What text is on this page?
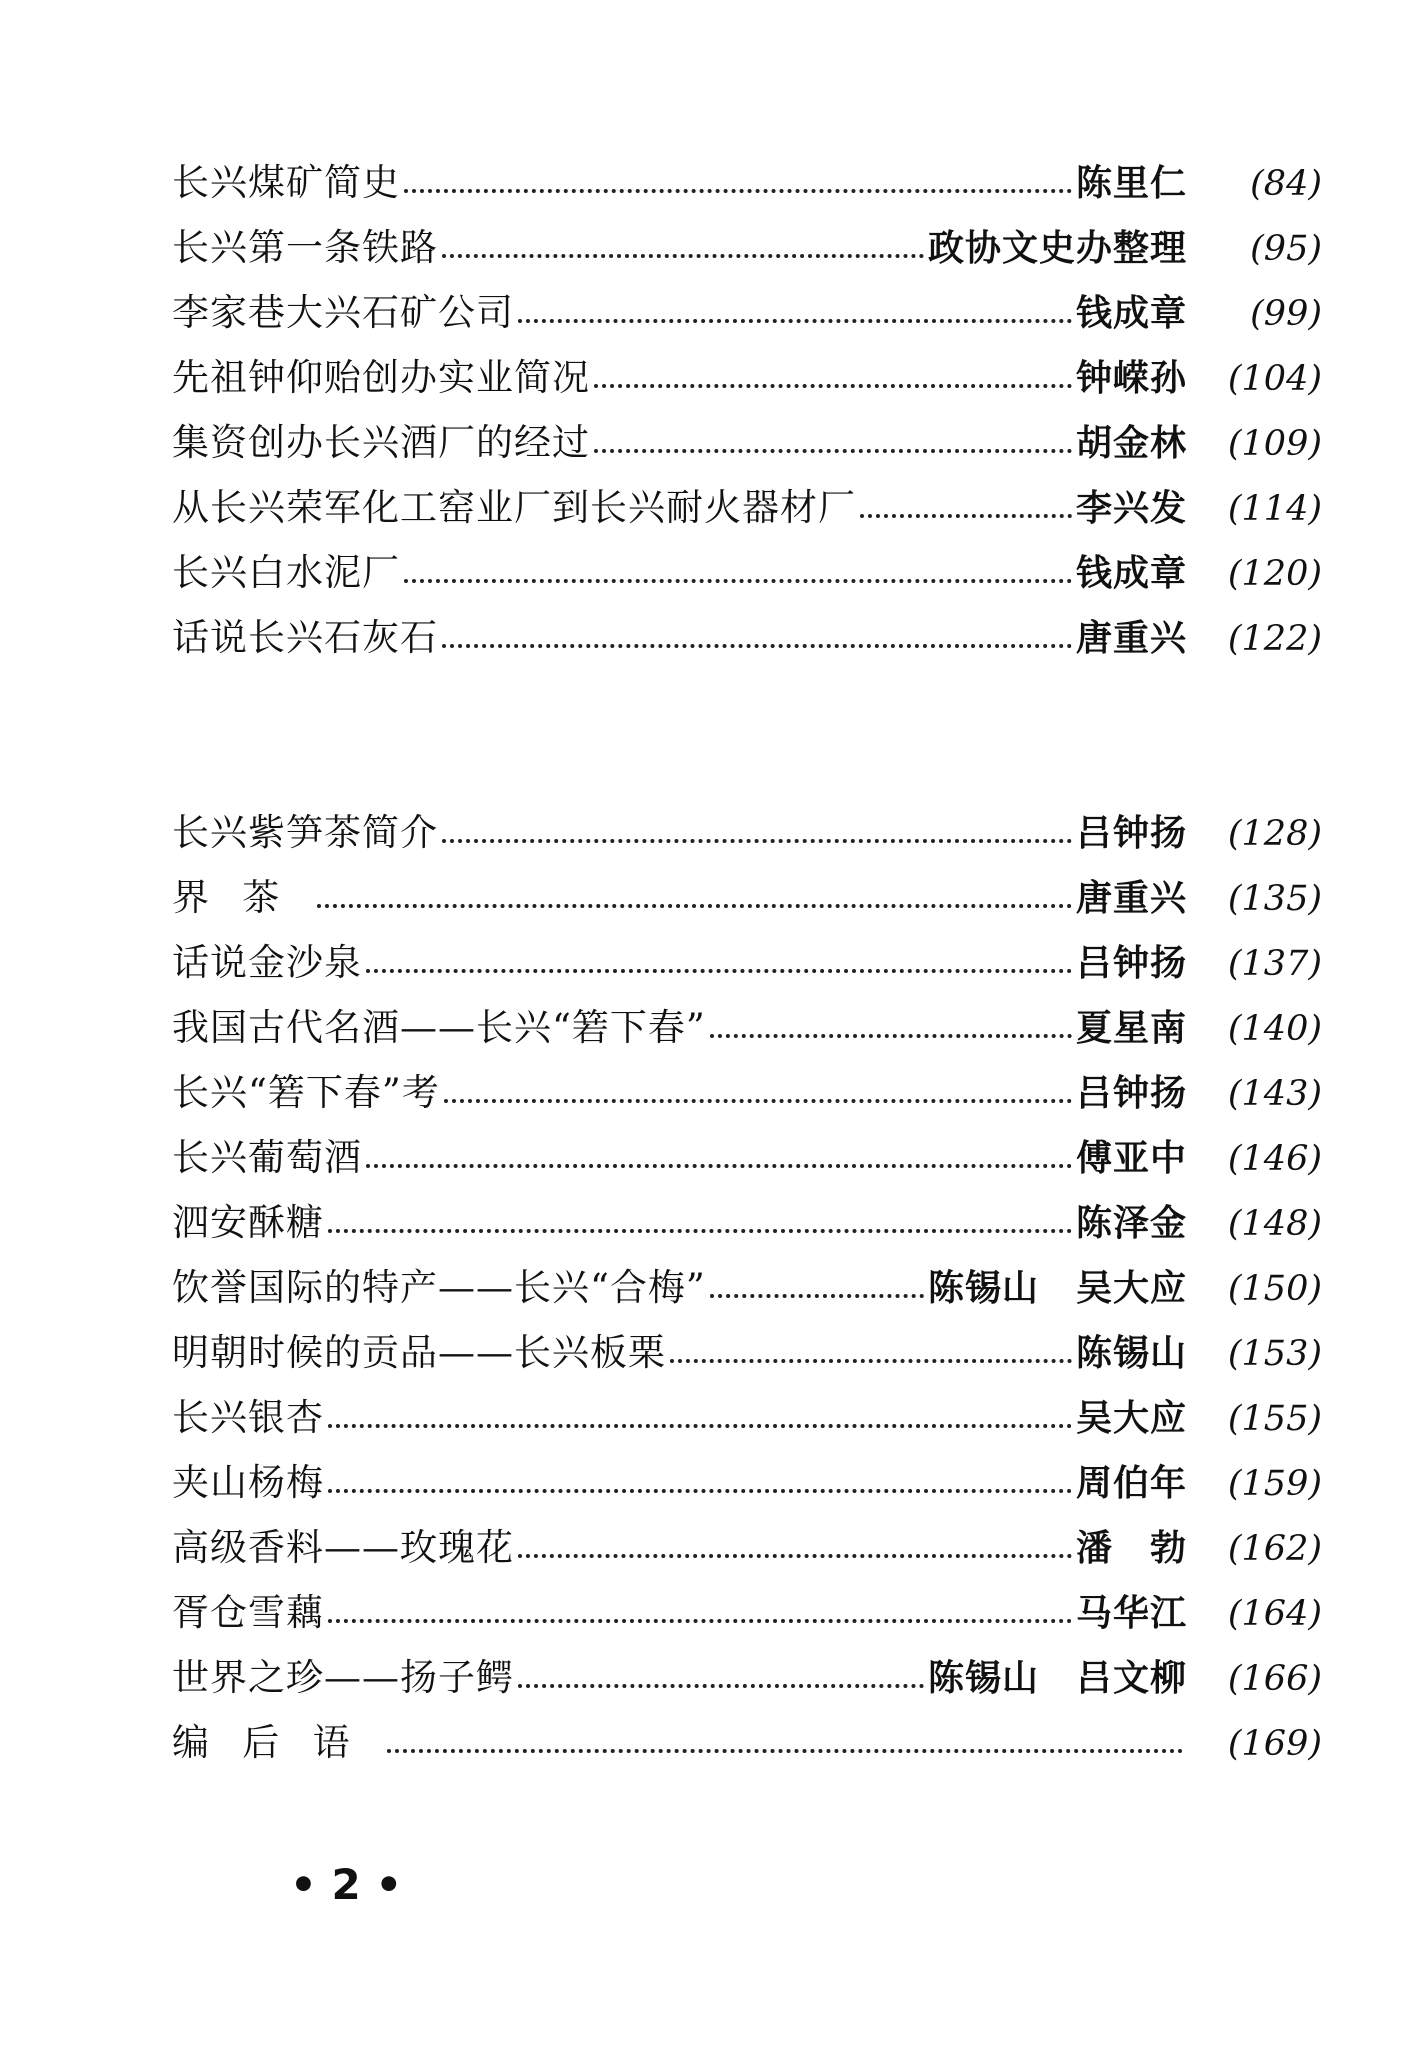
长兴煤矿简史	陈里仁	(84)
长兴第一条铁路	政协文史办整理	(95)
李家巷大兴石矿公司	钱成章	(99)
先祖钟仰贻创办实业简况	钟嵘孙	(104)
集资创办长兴酒厂的经过	胡金林	(109)
从长兴荣军化工窑业厂到长兴耐火器材厂	李兴发	(114)
长兴白水泥厂	钱成章	(120)
话说长兴石灰石	唐重兴	(122)
长兴紫笋茶简介	吕钟扬	(128)
界茶	唐重兴	(135)
话说金沙泉	吕钟扬	(137)
我国古代名酒——长兴“箬下春”	夏星南	(140)
长兴“箬下春”考	吕钟扬	(143)
长兴葡萄酒	傅亚中	(146)
泗安酥糖	陈泽金	(148)
饮誉国际的特产——长兴“合梅”	陈锡山　吴大应	(150)
明朝时候的贡品——长兴板栗	陈锡山	(153)
长兴银杏	吴大应	(155)
夹山杨梅	周伯年	(159)
高级香料——玫瑰花	潘　勃	(162)
胥仓雪藕	马华江	(164)
世界之珍——扬子鳄	陈锡山　吕文柳	(166)
编后语	(169)
• 2 •
